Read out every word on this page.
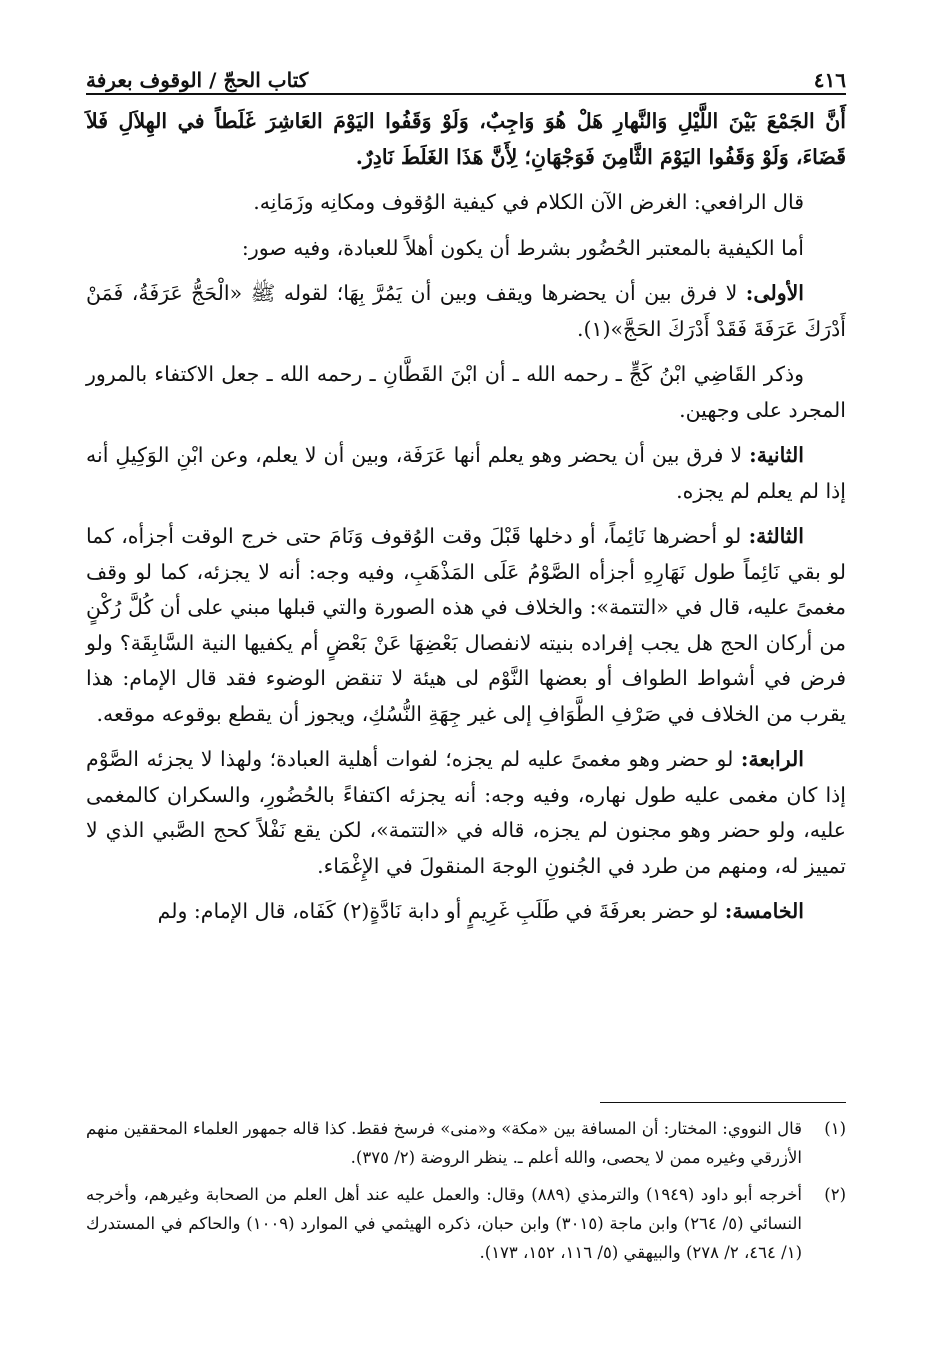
٤١٦
كتاب الحجّ / الوقوف بعرفة

أَنَّ الجَمْعَ بَيْنَ اللَّيْلِ وَالنَّهارِ هَلْ هُوَ وَاجِبٌ، وَلَوْ وَقَفُوا اليَوْمَ العَاشِرَ غَلَطاً في الهِلاَلِ فَلاَ قَضَاءَ، وَلَوْ وَقَفُوا اليَوْمَ الثَّامِنَ فَوَجْهَانِ؛ لِأَنَّ هَذَا الغَلَطَ نَادِرٌ.

قال الرافعي: الغرض الآن الكلام في كيفية الوُقوف ومكانِه وزَمَانِه.

أما الكيفية بالمعتبر الحُضُور بشرط أن يكون أهلاً للعبادة، وفيه صور:

الأولى: لا فرق بين أن يحضرها ويقف وبين أن يَمُرَّ بِهَا؛ لقوله ﷺ «الْحَجُّ عَرَفَةُ، فَمَنْ أَدْرَكَ عَرَفَةَ فَقَدْ أَدْرَكَ الحَجَّ»(١).

وذكر القَاضِي ابْنُ كَجٍّ ـ رحمه الله ـ أن ابْنَ القَطَّانِ ـ رحمه الله ـ جعل الاكتفاء بالمرور المجرد على وجهين.

الثانية: لا فرق بين أن يحضر وهو يعلم أنها عَرَفَة، وبين أن لا يعلم، وعن ابْنِ الوَكِيلِ أنه إذا لم يعلم لم يجزه.

الثالثة: لو أحضرها نَائِماً، أو دخلها قَبْلَ وقت الوُقوف وَنَامَ حتى خرج الوقت أجزأه، كما لو بقي نَائِماً طول نَهَارِهِ أجزأه الصَّوْمُ عَلَى المَذْهَبِ، وفيه وجه: أنه لا يجزئه، كما لو وقف مغمىً عليه، قال في «التتمة»: والخلاف في هذه الصورة والتي قبلها مبني على أن كُلَّ رُكْنٍ من أركان الحج هل يجب إفراده بنيته لانفصال بَعْضِهَا عَنْ بَعْضٍ أم يكفيها النية السَّابِقَة؟ ولو فرض في أشواط الطواف أو بعضها النَّوْم لى هيئة لا تنقض الوضوء فقد قال الإمام: هذا يقرب من الخلاف في صَرْفِ الطَّوَافِ إلى غير جِهَةِ النُّسُكِ، ويجوز أن يقطع بوقوعه موقعه.

الرابعة: لو حضر وهو مغمىً عليه لم يجزه؛ لفوات أهلية العبادة؛ ولهذا لا يجزئه الصَّوْم إذا كان مغمى عليه طول نهاره، وفيه وجه: أنه يجزئه اكتفاءً بالحُضُورِ، والسكران كالمغمى عليه، ولو حضر وهو مجنون لم يجزه، قاله في «التتمة»، لكن يقع نَفْلاً كحج الصَّبي الذي لا تمييز له، ومنهم من طرد في الجُنونِ الوجهَ المنقولَ في الإِغْمَاء.

الخامسة: لو حضر بعرفَةَ في طَلَبِ غَرِيمٍ أو دابة نَادَّةٍ(٢) كَفَاه، قال الإمام: ولم

(١)
قال النووي: المختار: أن المسافة بين «مكة» و«منى» فرسخ فقط. كذا قاله جمهور العلماء المحققين منهم الأزرقي وغيره ممن لا يحصى، والله أعلم ـ. ينظر الروضة (٢/ ٣٧٥).
(٢)
أخرجه أبو داود (١٩٤٩) والترمذي (٨٨٩) وقال: والعمل عليه عند أهل العلم من الصحابة وغيرهم، وأخرجه النسائي (٥/ ٢٦٤) وابن ماجة (٣٠١٥) وابن حبان، ذكره الهيثمي في الموارد (١٠٠٩) والحاكم في المستدرك (١/ ٤٦٤، ٢/ ٢٧٨) والبيهقي (٥/ ١١٦، ١٥٢، ١٧٣).
